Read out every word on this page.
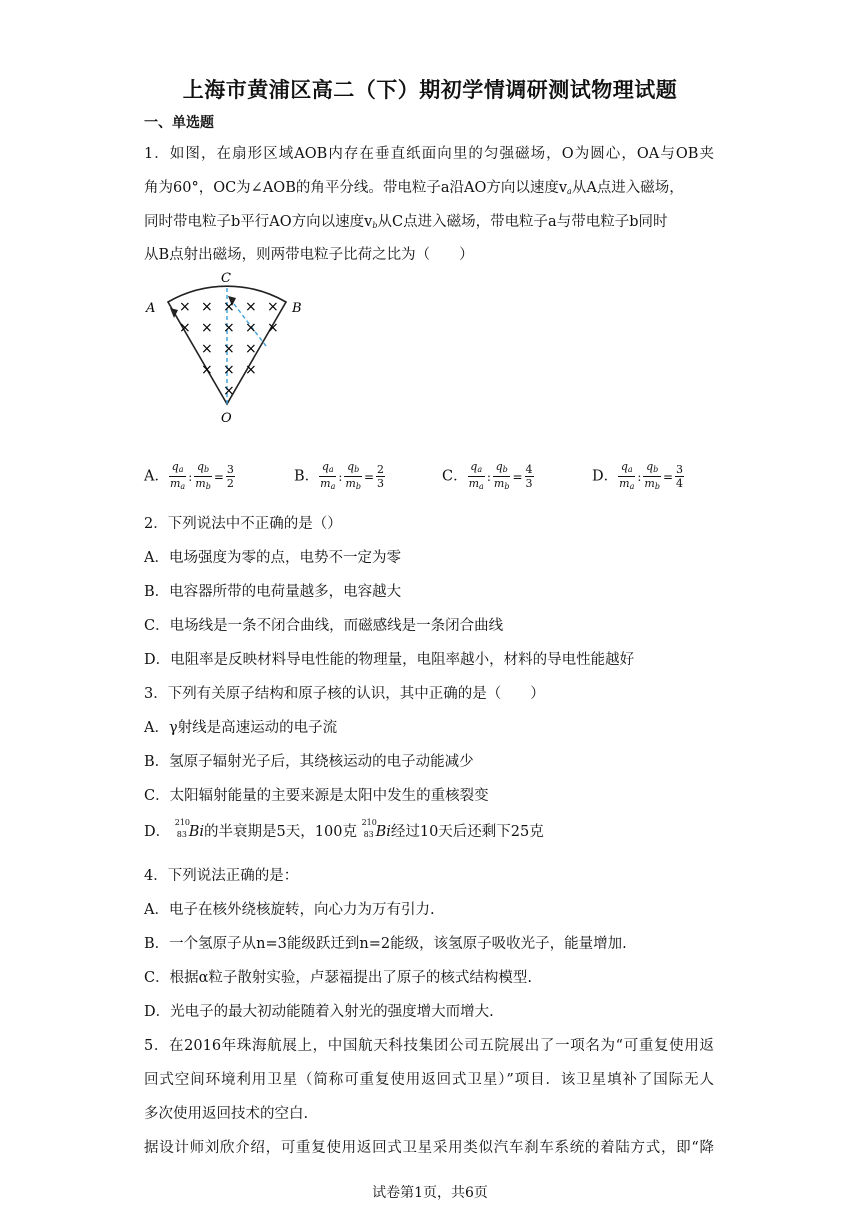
上海市黄浦区高二（下）期初学情调研测试物理试题
一、单选题
1．如图，在扇形区域AOB内存在垂直纸面向里的匀强磁场，O为圆心，OA与OB夹
角为60°，OC为∠AOB的角平分线。带电粒子a沿AO方向以速度$v_a$从A点进入磁场，
同时带电粒子b平行AO方向以速度$v_b$从C点进入磁场，带电粒子a与带电粒子b同时
从B点射出磁场，则两带电粒子比荷之比为（　　）
× × × × ×
× × × × ×
× × ×
× × ×
×
A	B
C
O
A． $\frac{q_a}{m_a}$ : $\frac{q_b}{m_b} = \frac{3}{2}$	B． $\frac{q_a}{m_a}$ : $\frac{q_b}{m_b} = \frac{2}{3}$	C． $\frac{q_a}{m_a}$ : $\frac{q_b}{m_b} = \frac{4}{3}$	D． $\frac{q_a}{m_a}$ : $\frac{q_b}{m_b} = \frac{3}{4}$
2．下列说法中不正确的是（）
A．电场强度为零的点，电势不一定为零
B．电容器所带的电荷量越多，电容越大
C．电场线是一条不闭合曲线，而磁感线是一条闭合曲线
D．电阻率是反映材料导电性能的物理量，电阻率越小，材料的导电性能越好
3．下列有关原子结构和原子核的认识，其中正确的是（　　）
A．γ射线是高速运动的电子流
B．氢原子辐射光子后，其绕核运动的电子动能减少
C．太阳辐射能量的主要来源是太阳中发生的重核裂变
D．
210
83 Bi的半衰期是5天，100克
210
83 Bi经过10天后还剩下25克
4．下列说法正确的是：
A．电子在核外绕核旋转，向心力为万有引力.
B．一个氢原子从n=3能级跃迁到n=2能级，该氢原子吸收光子，能量增加.
C．根据α粒子散射实验，卢瑟福提出了原子的核式结构模型.
D．光电子的最大初动能随着入射光的强度增大而增大.
5．在2016年珠海航展上，中国航天科技集团公司五院展出了一项名为“可重复使用返
回式空间环境利用卫星（简称可重复使用返回式卫星）”项目．该卫星填补了国际无人
多次使用返回技术的空白.
据设计师刘欣介绍，可重复使用返回式卫星采用类似汽车刹车系统的着陆方式，即“降
试卷第1页，共6页
